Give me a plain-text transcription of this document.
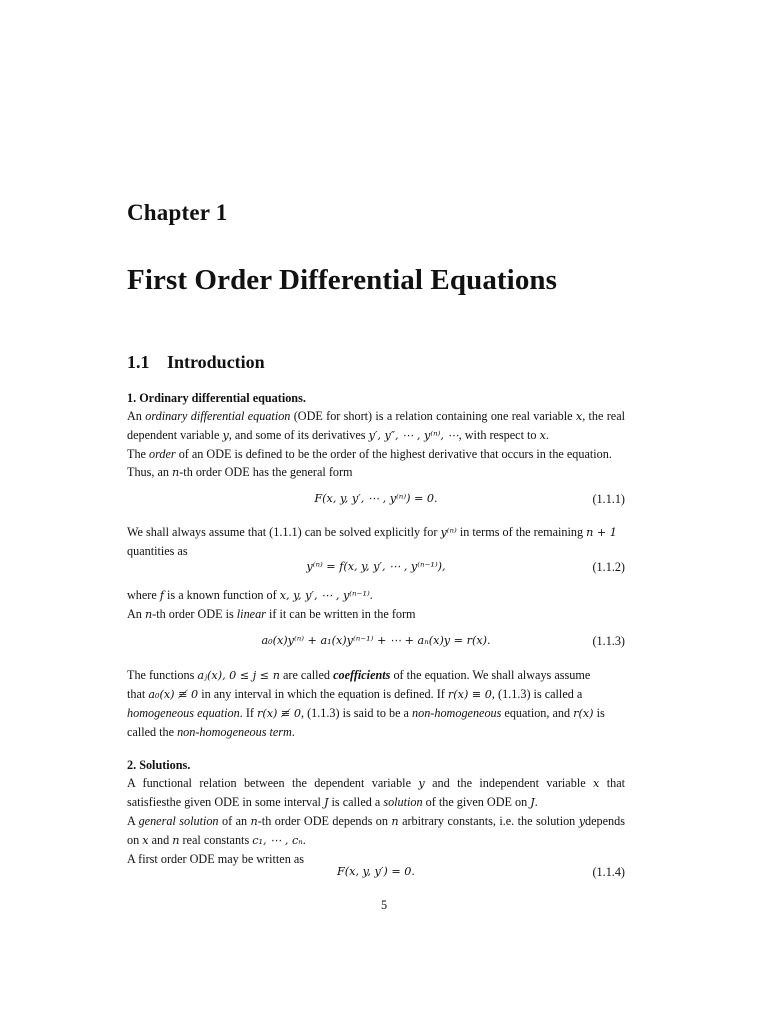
Chapter 1
First Order Differential Equations
1.1 Introduction

1. Ordinary differential equations.

An ordinary differential equation (ODE for short) is a relation containing one real variable x, the real dependent variable y, and some of its derivatives y′, y″, ⋯ , y⁽ⁿ⁾, ⋯, with respect to x.

The order of an ODE is defined to be the order of the highest derivative that occurs in the equation.

Thus, an n-th order ODE has the general form

F(x, y, y′, ⋯ , y⁽ⁿ⁾) = 0.	(1.1.1)

We shall always assume that (1.1.1) can be solved explicitly for y⁽ⁿ⁾ in terms of the remaining n + 1

quantities as

y⁽ⁿ⁾ = f(x, y, y′, ⋯ , y⁽ⁿ⁻¹⁾),	(1.1.2)

where f is a known function of x, y, y′, ⋯ , y⁽ⁿ⁻¹⁾.

An n-th order ODE is linear if it can be written in the form

a₀(x)y⁽ⁿ⁾ + a₁(x)y⁽ⁿ⁻¹⁾ + ⋯ + aₙ(x)y = r(x).	(1.1.3)

The functions aⱼ(x), 0 ≤ j ≤ n are called coefficients of the equation. We shall always assume

that a₀(x) ≢ 0 in any interval in which the equation is defined. If r(x) ≡ 0, (1.1.3) is called a

homogeneous equation. If r(x) ≢ 0, (1.1.3) is said to be a non-homogeneous equation, and r(x) is

called the non-homogeneous term.

2. Solutions.

A functional relation between the dependent variable y and the independent variable x that satisfiesthe given ODE in some interval J is called a solution of the given ODE on J.

A general solution of an n-th order ODE depends on n arbitrary constants, i.e. the solution ydepends on x and n real constants c₁, ⋯ , cₙ.

A first order ODE may be written as

F(x, y, y′) = 0.	(1.1.4)
5
